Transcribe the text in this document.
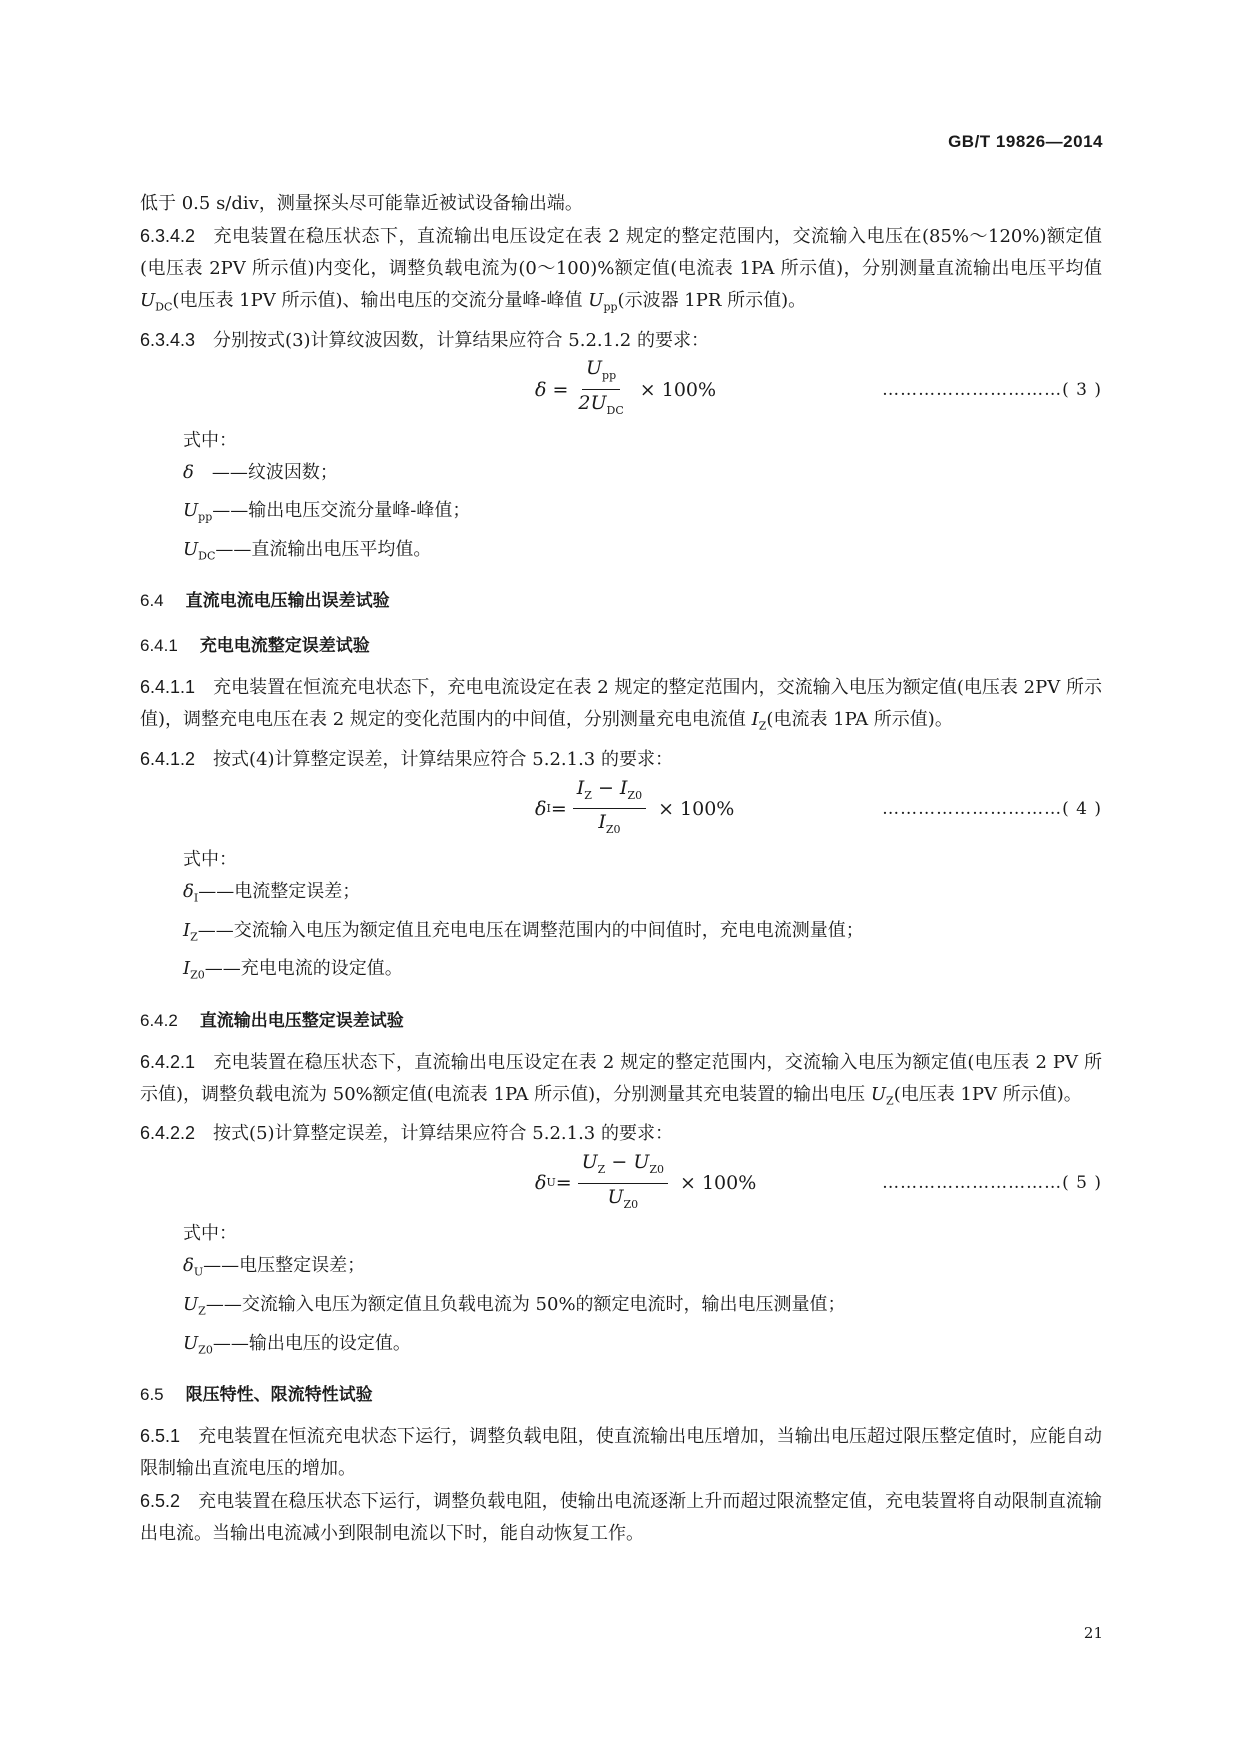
GB/T 19826—2014

低于 0.5 s/div，测量探头尽可能靠近被试设备输出端。

6.3.4.2 充电装置在稳压状态下，直流输出电压设定在表 2 规定的整定范围内，交流输入电压在(85%～120%)额定值(电压表 2PV 所示值)内变化，调整负载电流为(0～100)%额定值(电流表 1PA 所示值)，分别测量直流输出电压平均值 $U_{DC}$(电压表 1PV 所示值)、输出电压的交流分量峰-峰值 $U_{pp}$(示波器 1PR 所示值)。

6.3.4.3 分别按式(3)计算纹波因数，计算结果应符合 5.2.1.2 的要求：

$\delta = \frac{U_{pp}}{2U_{DC}} \times 100\%$	…………………………( 3 )

式中：

δ ——纹波因数；

$U_{pp}——$输出电压交流分量峰-峰值；

$U_{DC}——$直流输出电压平均值。

6.4 直流电流电压输出误差试验
6.4.1 充电电流整定误差试验

6.4.1.1 充电装置在恒流充电状态下，充电电流设定在表 2 规定的整定范围内，交流输入电压为额定值(电压表 2PV 所示值)，调整充电电压在表 2 规定的变化范围内的中间值，分别测量充电电流值 $I_Z$(电流表 1PA 所示值)。

6.4.1.2 按式(4)计算整定误差，计算结果应符合 5.2.1.3 的要求：

δ $I = \frac{I_Z - I_{Z0}}{I_{Z0}} \times 100\%$	…………………………( 4 )

式中：

$\delta_I——$电流整定误差；

$I_Z——$交流输入电压为额定值且充电电压在调整范围内的中间值时，充电电流测量值；

$I_{Z0}——$充电电流的设定值。

6.4.2 直流输出电压整定误差试验

6.4.2.1 充电装置在稳压状态下，直流输出电压设定在表 2 规定的整定范围内，交流输入电压为额定值(电压表 2 PV 所示值)，调整负载电流为 50%额定值(电流表 1PA 所示值)，分别测量其充电装置的输出电压 $U_Z$(电压表 1PV 所示值)。

6.4.2.2 按式(5)计算整定误差，计算结果应符合 5.2.1.3 的要求：

δ $U = \frac{U_Z - U_{Z0}}{U_{Z0}} \times 100\%$	…………………………( 5 )

式中：

$\delta_U——$电压整定误差；

$U_Z——$交流输入电压为额定值且负载电流为 50%的额定电流时，输出电压测量值；

$U_{Z0}——$输出电压的设定值。

6.5 限压特性、限流特性试验

6.5.1 充电装置在恒流充电状态下运行，调整负载电阻，使直流输出电压增加，当输出电压超过限压整定值时，应能自动限制输出直流电压的增加。

6.5.2 充电装置在稳压状态下运行，调整负载电阻，使输出电流逐渐上升而超过限流整定值，充电装置将自动限制直流输出电流。当输出电流减小到限制电流以下时，能自动恢复工作。

21
